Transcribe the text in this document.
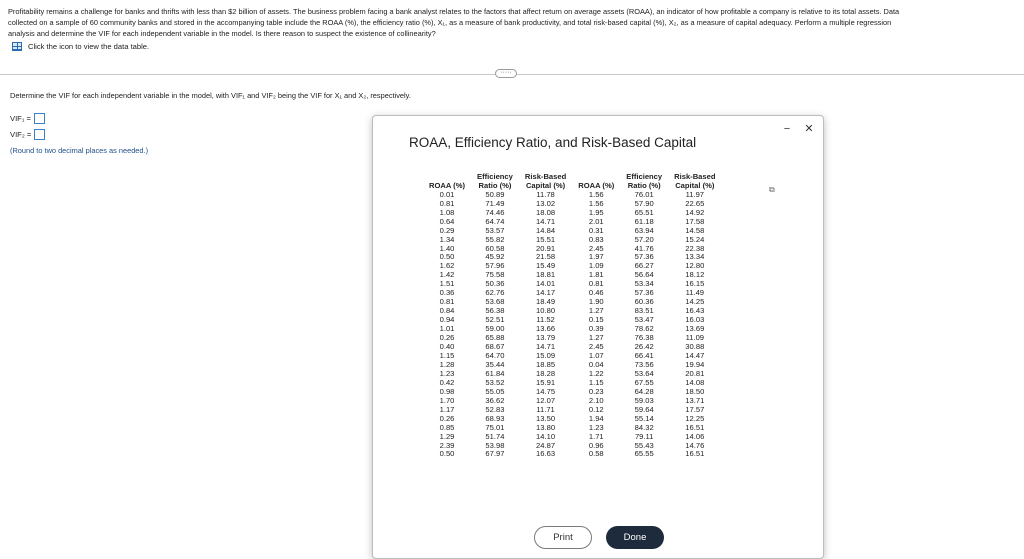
Profitability remains a challenge for banks and thrifts with less than $2 billion of assets. The business problem facing a bank analyst relates to the factors that affect return on average assets (ROAA), an indicator of how profitable a company is relative to its total assets. Data
collected on a sample of 60 community banks and stored in the accompanying table include the ROAA (%), the efficiency ratio (%), X₁, as a measure of bank productivity, and total risk-based capital (%), X₂, as a measure of capital adequacy. Perform a multiple regression
analysis and determine the VIF for each independent variable in the model. Is there reason to suspect the existence of collinearity?
Click the icon to view the data table.
·····
Determine the VIF for each independent variable in the model, with VIF₁ and VIF₂ being the VIF for X₁ and X₂, respectively.
VIF₁ =
VIF₂ =
(Round to two decimal places as needed.)
ROAA, Efficiency Ratio, and Risk-Based Capital
− ✕
	Efficiency	Risk-Based		Efficiency	Risk-Based
ROAA (%)	Ratio (%)	Capital (%)	ROAA (%)	Ratio (%)	Capital (%)
0.01	50.89	11.78	1.56	76.01	11.97
0.81	71.49	13.02	1.56	57.90	22.65
1.08	74.46	18.08	1.95	65.51	14.92
0.64	64.74	14.71	2.01	61.18	17.58
0.29	53.57	14.84	0.31	63.94	14.58
1.34	55.82	15.51	0.83	57.20	15.24
1.40	60.58	20.91	2.45	41.76	22.38
0.50	45.92	21.58	1.97	57.36	13.34
1.62	57.96	15.49	1.09	66.27	12.80
1.42	75.58	18.81	1.81	56.64	18.12
1.51	50.36	14.01	0.81	53.34	16.15
0.36	62.76	14.17	0.46	57.36	11.49
0.81	53.68	18.49	1.90	60.36	14.25
0.84	56.38	10.80	1.27	83.51	16.43
0.94	52.51	11.52	0.15	53.47	16.03
1.01	59.00	13.66	0.39	78.62	13.69
0.26	65.88	13.79	1.27	76.38	11.09
0.40	68.67	14.71	2.45	26.42	30.88
1.15	64.70	15.09	1.07	66.41	14.47
1.28	35.44	18.85	0.04	73.56	19.94
1.23	61.84	18.28	1.22	53.64	20.81
0.42	53.52	15.91	1.15	67.55	14.08
0.98	55.05	14.75	0.23	64.28	18.50
1.70	36.62	12.07	2.10	59.03	13.71
1.17	52.83	11.71	0.12	59.64	17.57
0.26	68.93	13.50	1.94	55.14	12.25
0.85	75.01	13.80	1.23	84.32	16.51
1.29	51.74	14.10	1.71	79.11	14.06
2.39	53.98	24.87	0.96	55.43	14.76
0.50	67.97	16.63	0.58	65.55	16.51
⧉
Print	Done
